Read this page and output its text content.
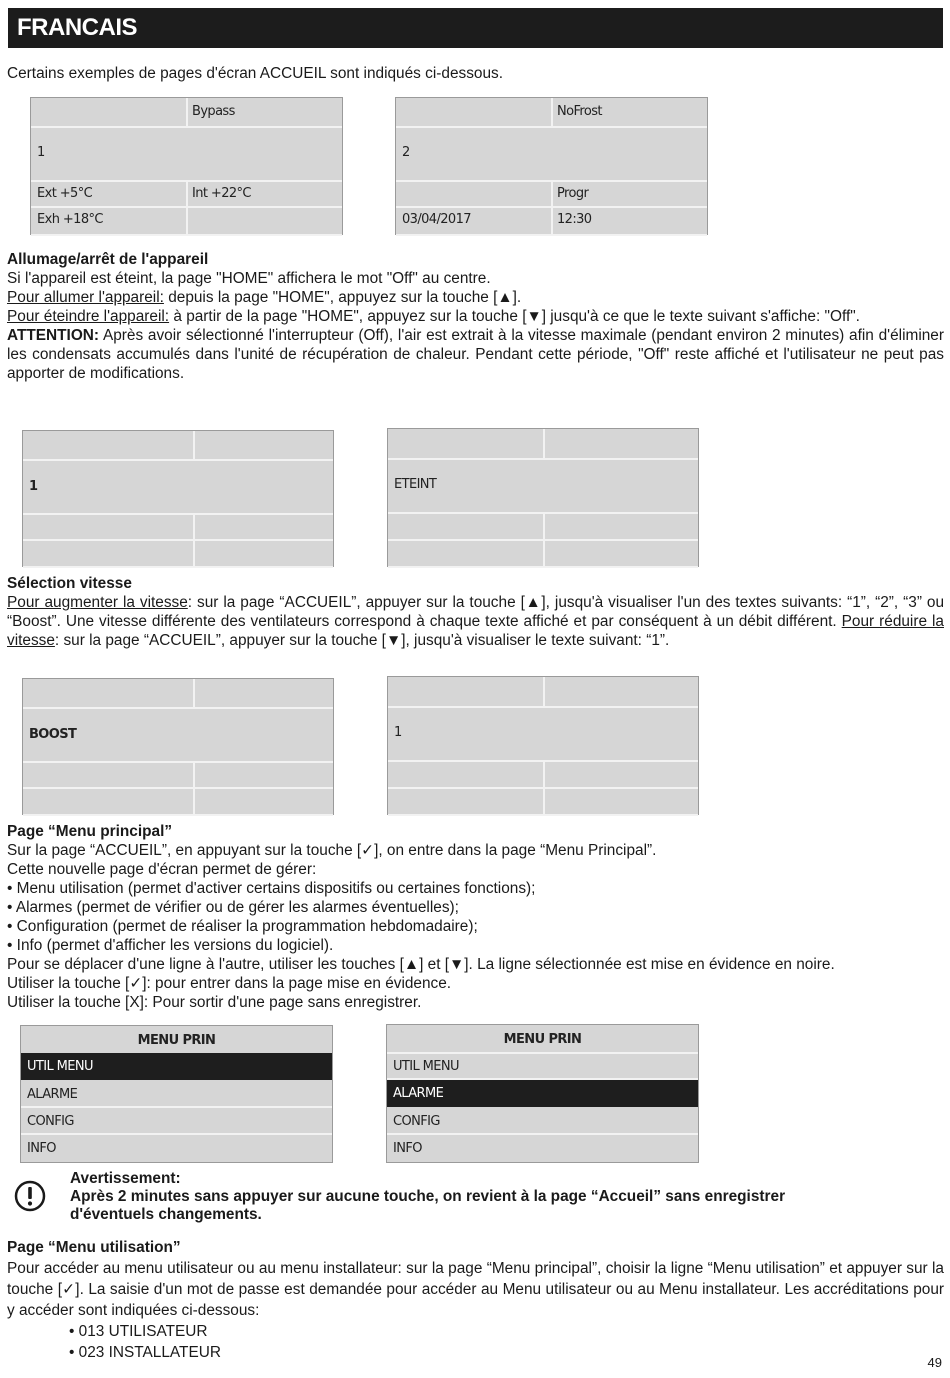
FRANCAIS

Certains exemples de pages d'écran ACCUEIL sont indiqués ci-dessous.

Bypass
1
Ext +5°C	Int +22°C
Exh +18°C
NoFrost
2
Progr
03/04/2017	12:30
Allumage/arrêt de l'appareil
Si l'appareil est éteint, la page "HOME" affichera le mot "Off" au centre.
Pour allumer l'appareil: depuis la page "HOME", appuyez sur la touche [▲].
Pour éteindre l'appareil: à partir de la page "HOME", appuyez sur la touche [▼] jusqu'à ce que le texte suivant s'affiche: "Off".
ATTENTION: Après avoir sélectionné l'interrupteur (Off), l'air est extrait à la vitesse maximale (pendant environ 2 minutes) afin d'éliminer les condensats accumulés dans l'unité de récupération de chaleur. Pendant cette période, "Off" reste affiché et l'utilisateur ne peut pas apporter de modifications.
1	ETEINT
Sélection vitesse
Pour augmenter la vitesse: sur la page “ACCUEIL”, appuyer sur la touche [▲], jusqu'à visualiser l'un des textes suivants: “1”, “2”, “3” ou “Boost”. Une vitesse différente des ventilateurs correspond à chaque texte affiché et par conséquent à un débit différent. Pour réduire la vitesse: sur la page “ACCUEIL”, appuyer sur la touche [▼], jusqu'à visualiser le texte suivant: “1”.
BOOST	1
Page “Menu principal”
Sur la page “ACCUEIL”, en appuyant sur la touche [✓], on entre dans la page “Menu Principal”.
Cette nouvelle page d'écran permet de gérer:
• Menu utilisation (permet d'activer certains dispositifs ou certaines fonctions);
• Alarmes (permet de vérifier ou de gérer les alarmes éventuelles);
• Configuration (permet de réaliser la programmation hebdomadaire);
• Info (permet d'afficher les versions du logiciel).
Pour se déplacer d'une ligne à l'autre, utiliser les touches [▲] et [▼]. La ligne sélectionnée est mise en évidence en noire.
Utiliser la touche [✓]: pour entrer dans la page mise en évidence.
Utiliser la touche [X]: Pour sortir d'une page sans enregistrer.
MENU PRIN
UTIL MENU
ALARME
CONFIG
INFO
MENU PRIN
UTIL MENU
ALARME
CONFIG
INFO
Avertissement:
Après 2 minutes sans appuyer sur aucune touche, on revient à la page “Accueil” sans enregistrer
d'éventuels changements.
Page “Menu utilisation”
Pour accéder au menu utilisateur ou au menu installateur: sur la page “Menu principal”, choisir la ligne “Menu utilisation” et appuyer sur la touche [✓]. La saisie d'un mot de passe est demandée pour accéder au Menu utilisateur ou au Menu installateur. Les accréditations pour y accéder sont indiquées ci-dessous:
• 013 UTILISATEUR
• 023 INSTALLATEUR
49
